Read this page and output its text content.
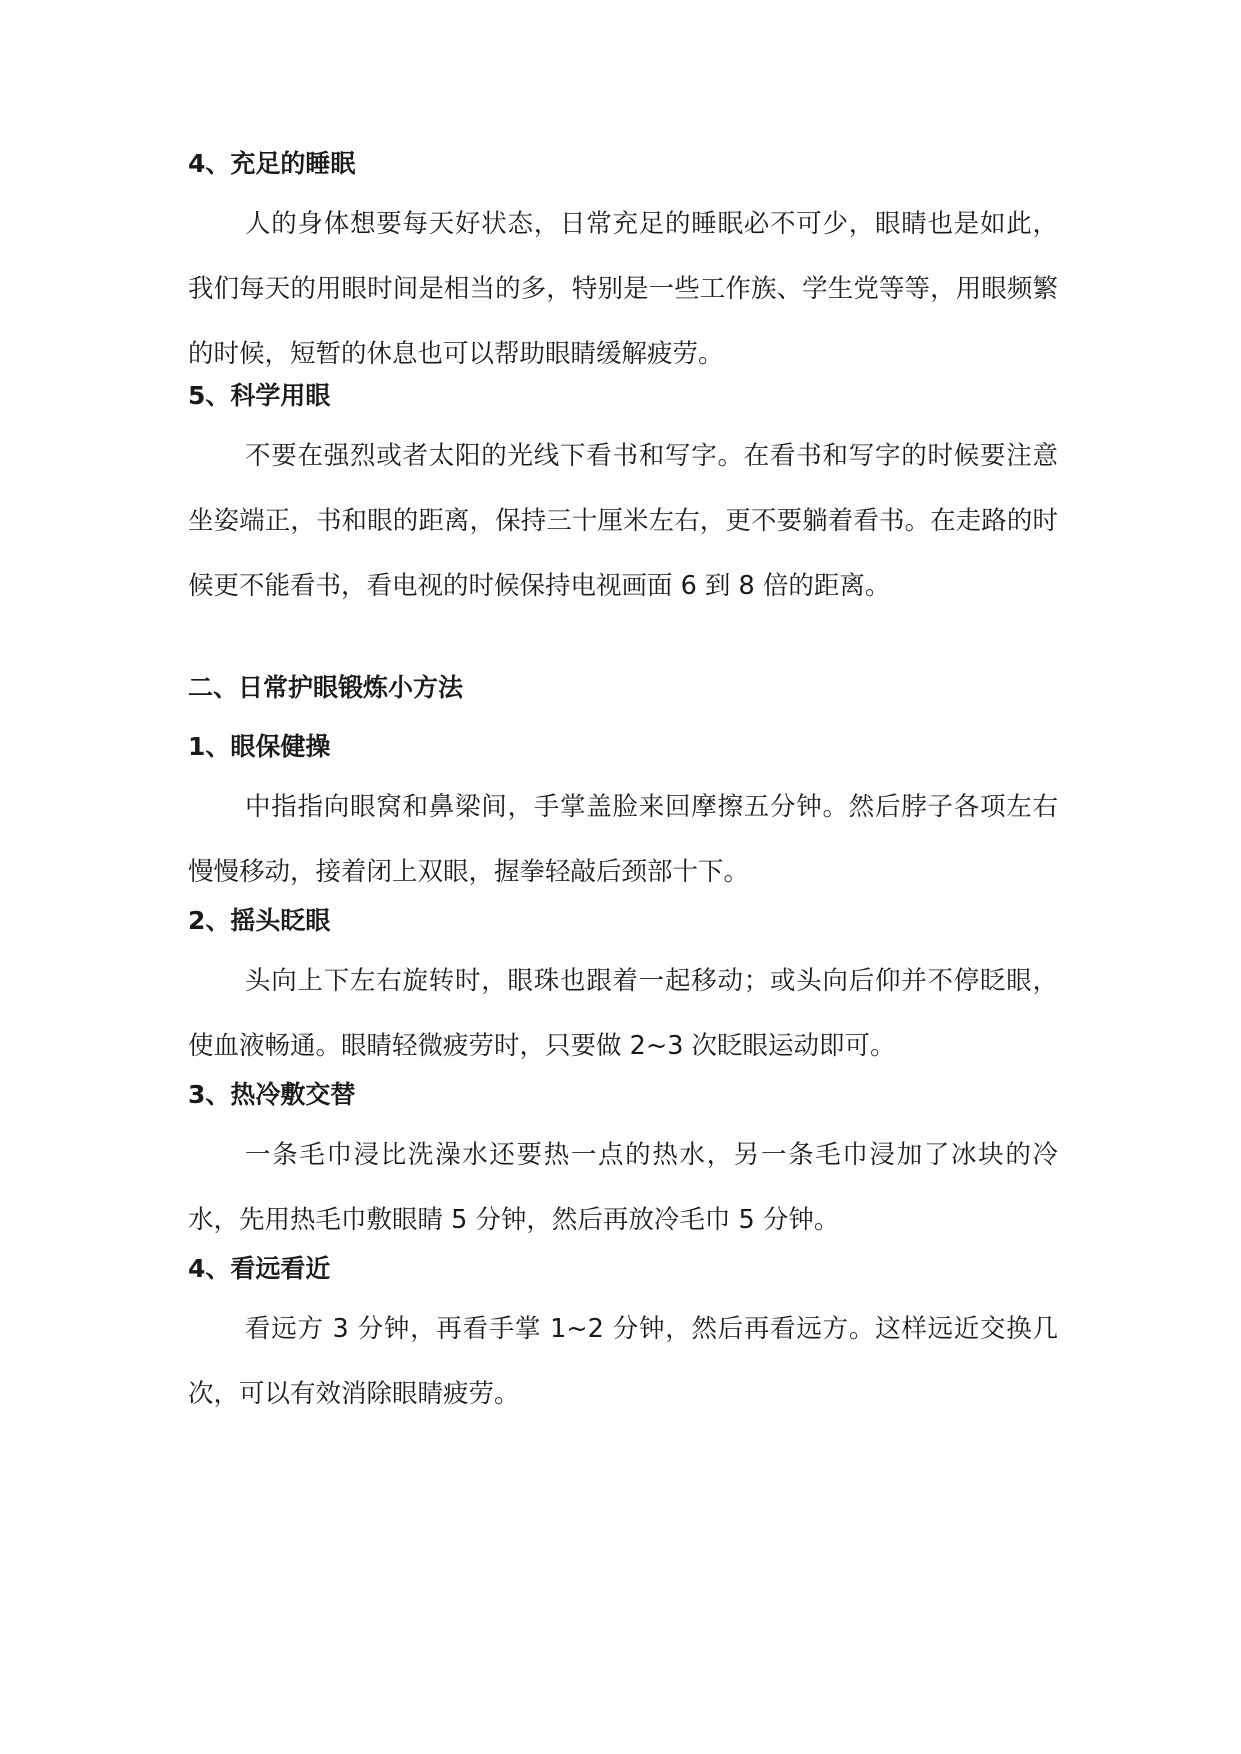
4、充足的睡眠
人的身体想要每天好状态，日常充足的睡眠必不可少，眼睛也是如此，我们每天的用眼时间是相当的多，特别是一些工作族、学生党等等，用眼频繁的时候，短暂的休息也可以帮助眼睛缓解疲劳。
5、科学用眼
不要在强烈或者太阳的光线下看书和写字。在看书和写字的时候要注意坐姿端正，书和眼的距离，保持三十厘米左右，更不要躺着看书。在走路的时候更不能看书，看电视的时候保持电视画面 6 到 8 倍的距离。
二、日常护眼锻炼小方法
1、眼保健操
中指指向眼窝和鼻梁间，手掌盖脸来回摩擦五分钟。然后脖子各项左右慢慢移动，接着闭上双眼，握拳轻敲后颈部十下。
2、摇头眨眼
头向上下左右旋转时，眼珠也跟着一起移动；或头向后仰并不停眨眼，使血液畅通。眼睛轻微疲劳时，只要做 2~3 次眨眼运动即可。
3、热冷敷交替
一条毛巾浸比洗澡水还要热一点的热水，另一条毛巾浸加了冰块的冷水，先用热毛巾敷眼睛 5 分钟，然后再放冷毛巾 5 分钟。
4、看远看近
看远方 3 分钟，再看手掌 1~2 分钟，然后再看远方。这样远近交换几次，可以有效消除眼睛疲劳。
